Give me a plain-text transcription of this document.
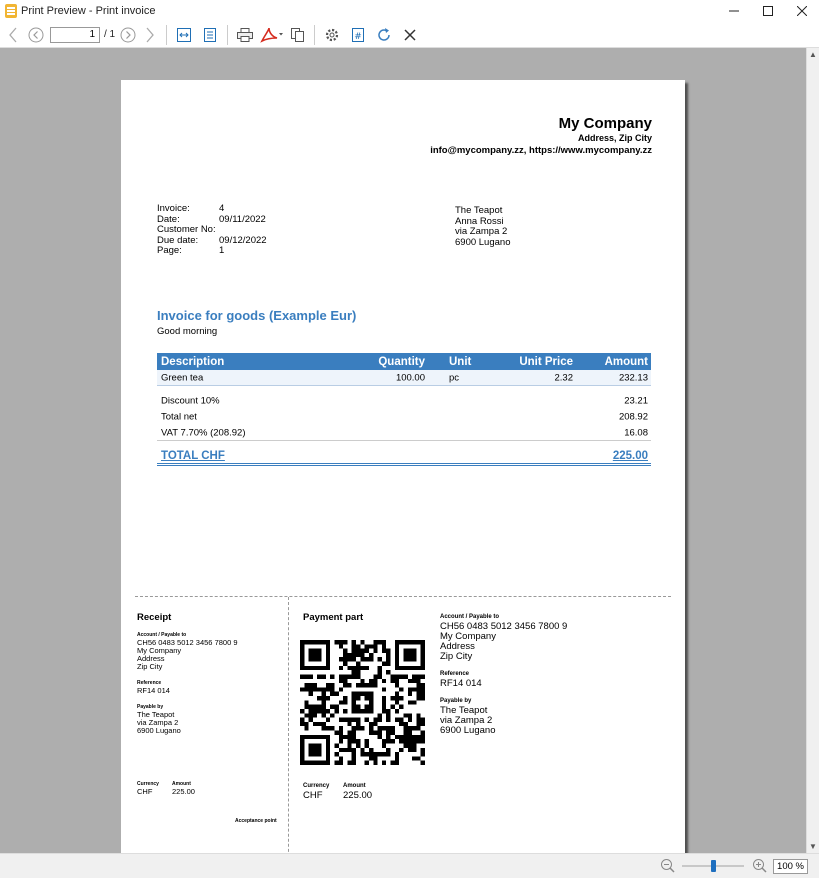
Print Preview - Print invoice
1 / 1	#
My Company
Address, Zip City
info@mycompany.zz, https://www.mycompany.zz
Invoice:	4
Date:	09/11/2022
Customer No:
Due date:	09/12/2022
Page:	1
The Teapot
Anna Rossi
via Zampa 2
6900 Lugano
Invoice for goods (Example Eur)
Good morning
Description	Quantity Unit	Unit Price	Amount
Green tea	100.00	pc	2.32	232.13
Discount 10%	23.21
Total net	208.92
VAT 7.70% (208.92)	16.08
TOTAL CHF	225.00
Receipt
Account / Payable to
CH56 0483 5012 3456 7800 9
My Company
Address
Zip City
Reference
RF14 014
Payable by
The Teapot
via Zampa 2
6900 Lugano
Currency
CHF
Amount
225.00
Acceptance point
Payment part
Currency
CHF
Amount
225.00
Account / Payable to
CH56 0483 5012 3456 7800 9
My Company
Address
Zip City
Reference
RF14 014
Payable by
The Teapot
via Zampa 2
6900 Lugano
▲
▼
100 %
